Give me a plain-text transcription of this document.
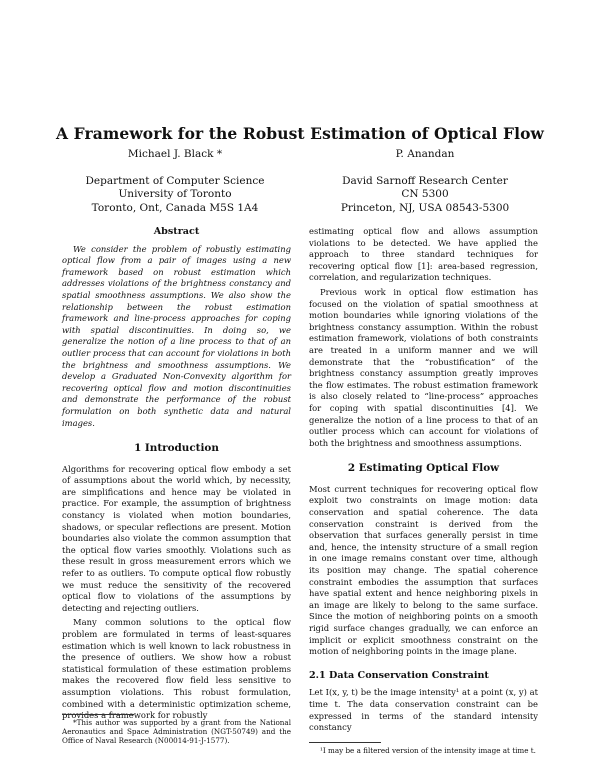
A Framework for the Robust Estimation of Optical Flow
Michael J. Black *
Department of Computer Science
University of Toronto
Toronto, Ont, Canada M5S 1A4
P. Anandan
David Sarnoff Research Center
CN 5300
Princeton, NJ, USA 08543-5300
Abstract

We consider the problem of robustly estimating optical flow from a pair of images using a new framework based on robust estimation which addresses violations of the brightness constancy and spatial smoothness assumptions. We also show the relationship between the robust estimation framework and line-process approaches for coping with spatial discontinuities. In doing so, we generalize the notion of a line process to that of an outlier process that can account for violations in both the brightness and smoothness assumptions. We develop a Graduated Non-Convexity algorithm for recovering optical flow and motion discontinuities and demonstrate the performance of the robust formulation on both synthetic data and natural images.

1 Introduction

Algorithms for recovering optical flow embody a set of assumptions about the world which, by necessity, are simplifications and hence may be violated in practice. For example, the assumption of brightness constancy is violated when motion boundaries, shadows, or specular reflections are present. Motion boundaries also violate the common assumption that the optical flow varies smoothly. Violations such as these result in gross measurement errors which we refer to as outliers. To compute optical flow robustly we must reduce the sensitivity of the recovered optical flow to violations of the assumptions by detecting and rejecting outliers.

Many common solutions to the optical flow problem are formulated in terms of least-squares estimation which is well known to lack robustness in the presence of outliers. We show how a robust statistical formulation of these estimation problems makes the recovered flow field less sensitive to assumption violations. This robust formulation, combined with a deterministic optimization scheme, provides a framework for robustly

estimating optical flow and allows assumption violations to be detected. We have applied the approach to three standard techniques for recovering optical flow [1]: area-based regression, correlation, and regularization techniques.

Previous work in optical flow estimation has focused on the violation of spatial smoothness at motion boundaries while ignoring violations of the brightness constancy assumption. Within the robust estimation framework, violations of both constraints are treated in a uniform manner and we will demonstrate that the “robustification” of the brightness constancy assumption greatly improves the flow estimates. The robust estimation framework is also closely related to “line-process” approaches for coping with spatial discontinuities [4]. We generalize the notion of a line process to that of an outlier process which can account for violations of both the brightness and smoothness assumptions.

2 Estimating Optical Flow

Most current techniques for recovering optical flow exploit two constraints on image motion: data conservation and spatial coherence. The data conservation constraint is derived from the observation that surfaces generally persist in time and, hence, the intensity structure of a small region in one image remains constant over time, although its position may change. The spatial coherence constraint embodies the assumption that surfaces have spatial extent and hence neighboring pixels in an image are likely to belong to the same surface. Since the motion of neighboring points on a smooth rigid surface changes gradually, we can enforce an implicit or explicit smoothness constraint on the motion of neighboring points in the image plane.

2.1 Data Conservation Constraint

Let I(x, y, t) be the image intensity¹ at a point (x, y) at time t. The data conservation constraint can be expressed in terms of the standard intensity constancy

*This author was supported by a grant from the National Aeronautics and Space Administration (NGT-50749) and the Office of Naval Research (N00014-91-J-1577).

¹I may be a filtered version of the intensity image at time t.
